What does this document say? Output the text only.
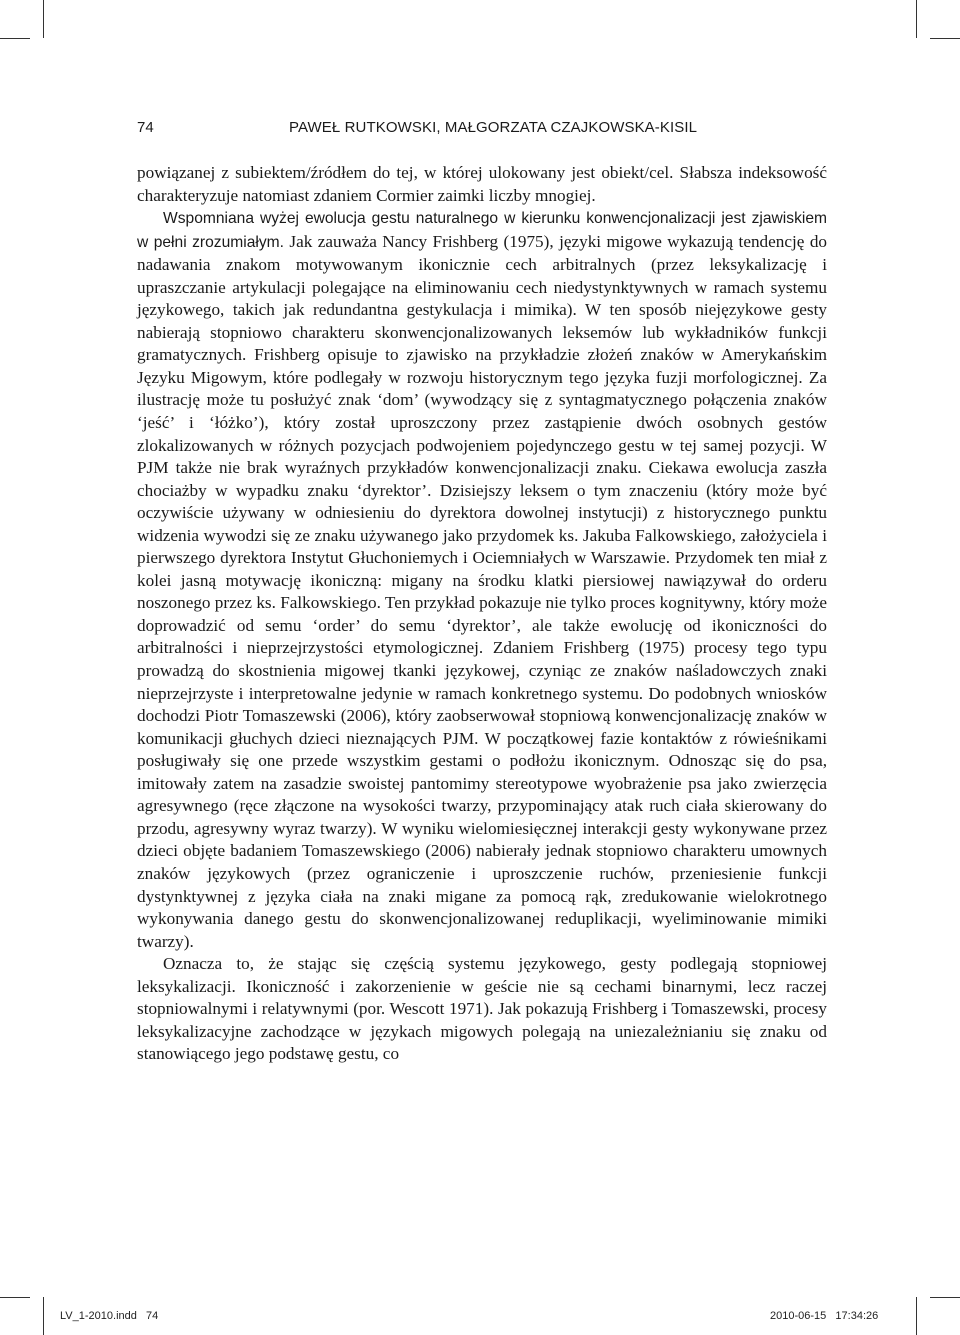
74	PAWEŁ RUTKOWSKI, MAŁGORZATA CZAJKOWSKA-KISIL

powiązanej z subiektem/źródłem do tej, w której ulokowany jest obiekt/cel. Słabsza indeksowość charakteryzuje natomiast zdaniem Cormier zaimki liczby mnogiej.

Wspomniana wyżej ewolucja gestu naturalnego w kierunku konwencjonalizacji jest zjawiskiem w pełni zrozumiałym. Jak zauważa Nancy Frishberg (1975), języki migowe wykazują tendencję do nadawania znakom motywowanym ikonicznie cech arbitralnych (przez leksykalizację i upraszczanie artykulacji polegające na eliminowaniu cech niedystynktywnych w ramach systemu językowego, takich jak redundantna gestykulacja i mimika). W ten sposób niejęzykowe gesty nabierają stopniowo charakteru skonwencjonalizowanych leksemów lub wykładników funkcji gramatycznych. Frishberg opisuje to zjawisko na przykładzie złożeń znaków w Amerykańskim Języku Migowym, które podlegały w rozwoju historycznym tego języka fuzji morfologicznej. Za ilustrację może tu posłużyć znak ‘dom’ (wywodzący się z syntagmatycznego połączenia znaków ‘jeść’ i ‘łóżko’), który został uproszczony przez zastąpienie dwóch osobnych gestów zlokalizowanych w różnych pozycjach podwojeniem pojedynczego gestu w tej samej pozycji. W PJM także nie brak wyraźnych przykładów konwencjonalizacji znaku. Ciekawa ewolucja zaszła chociażby w wypadku znaku ‘dyrektor’. Dzisiejszy leksem o tym znaczeniu (który może być oczywiście używany w odniesieniu do dyrektora dowolnej instytucji) z historycznego punktu widzenia wywodzi się ze znaku używanego jako przydomek ks. Jakuba Falkowskiego, założyciela i pierwszego dyrektora Instytut Głuchoniemych i Ociemniałych w Warszawie. Przydomek ten miał z kolei jasną motywację ikoniczną: migany na środku klatki piersiowej nawiązywał do orderu noszonego przez ks. Falkowskiego. Ten przykład pokazuje nie tylko proces kognitywny, który może doprowadzić od semu ‘order’ do semu ‘dyrektor’, ale także ewolucję od ikoniczności do arbitralności i nieprzejrzystości etymologicznej. Zdaniem Frishberg (1975) procesy tego typu prowadzą do skostnienia migowej tkanki językowej, czyniąc ze znaków naśladowczych znaki nieprzejrzyste i interpretowalne jedynie w ramach konkretnego systemu. Do podobnych wniosków dochodzi Piotr Tomaszewski (2006), który zaobserwował stopniową konwencjonalizację znaków w komunikacji głuchych dzieci nieznających PJM. W początkowej fazie kontaktów z rówieśnikami posługiwały się one przede wszystkim gestami o podłożu ikonicznym. Odnosząc się do psa, imitowały zatem na zasadzie swoistej pantomimy stereotypowe wyobrażenie psa jako zwierzęcia agresywnego (ręce złączone na wysokości twarzy, przypominający atak ruch ciała skierowany do przodu, agresywny wyraz twarzy). W wyniku wielomiesięcznej interakcji gesty wykonywane przez dzieci objęte badaniem Tomaszewskiego (2006) nabierały jednak stopniowo charakteru umownych znaków językowych (przez ograniczenie i uproszczenie ruchów, przeniesienie funkcji dystynktywnej z języka ciała na znaki migane za pomocą rąk, zredukowanie wielokrotnego wykonywania danego gestu do skonwencjonalizowanej reduplikacji, wyeliminowanie mimiki twarzy).

Oznacza to, że stając się częścią systemu językowego, gesty podlegają stopniowej leksykalizacji. Ikoniczność i zakorzenienie w geście nie są cechami binarnymi, lecz raczej stopniowalnymi i relatywnymi (por. Wescott 1971). Jak pokazują Frishberg i Tomaszewski, procesy leksykalizacyjne zachodzące w językach migowych polegają na uniezależnianiu się znaku od stanowiącego jego podstawę gestu, co

LV_1-2010.indd   74	2010-06-15   17:34:26
